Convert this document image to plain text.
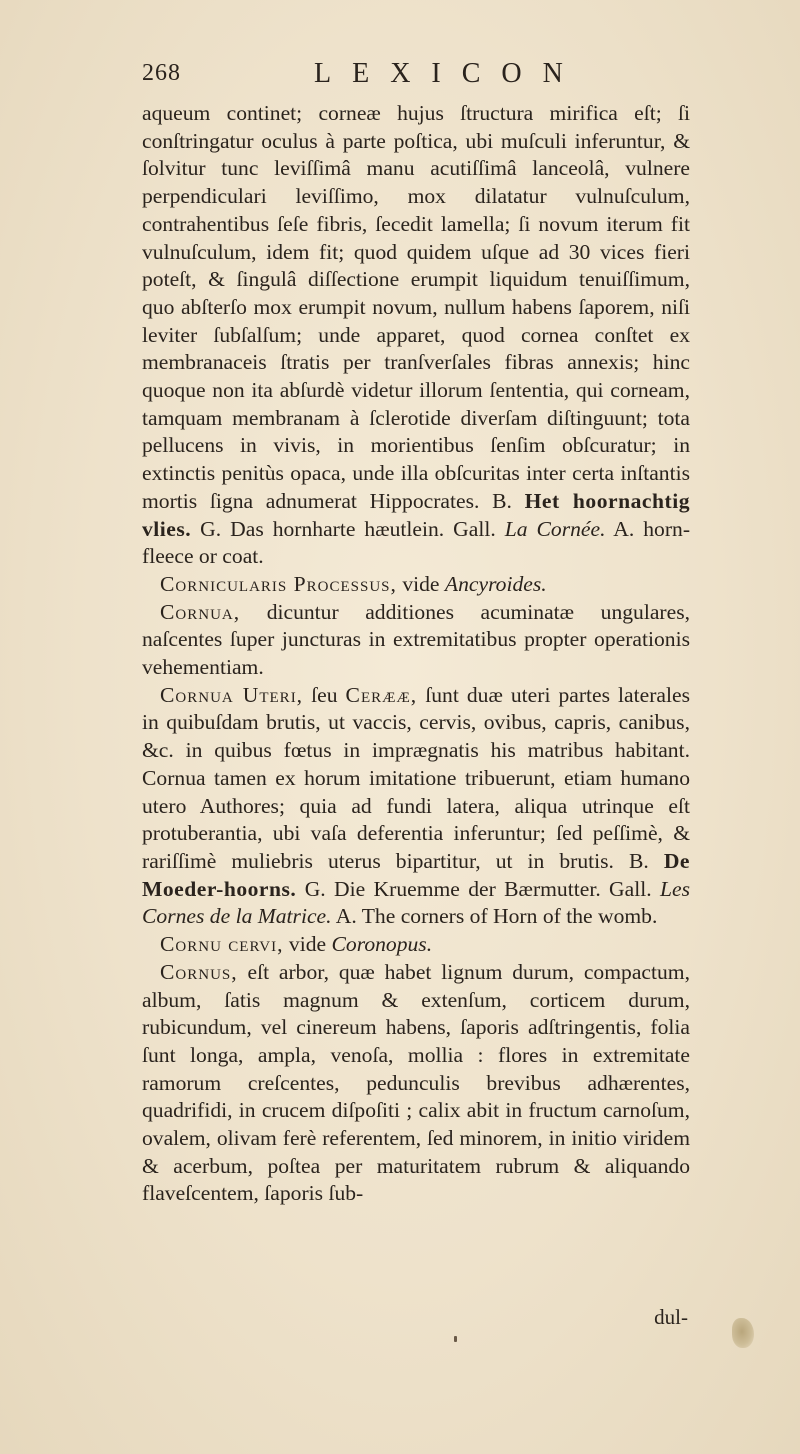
268	LEXICON

aqueum continet; corneæ hujus ſtructura mirifica eſt; ſi conſtringatur oculus à parte poſtica, ubi muſculi inferuntur, & ſolvitur tunc leviſſimâ manu acutiſſimâ lanceolâ, vulnere perpendiculari leviſſimo, mox dilatatur vulnuſculum, contrahentibus ſeſe fibris, ſecedit lamella; ſi novum iterum fit vulnuſculum, idem fit; quod quidem uſque ad 30 vices fieri poteſt, & ſingulâ diſſectione erumpit liquidum tenuiſſimum, quo abſterſo mox erumpit novum, nullum habens ſaporem, niſi leviter ſubſalſum; unde apparet, quod cornea conſtet ex membranaceis ſtratis per tranſverſales fibras annexis; hinc quoque non ita abſurdè videtur illorum ſententia, qui corneam, tamquam membranam à ſclerotide diverſam diſtinguunt; tota pellucens in vivis, in morientibus ſenſim obſcuratur; in extinctis penitùs opaca, unde illa obſcuritas inter certa inſtantis mortis ſigna adnumerat Hippocrates. B. Het hoornachtig vlies. G. Das hornharte hæutlein. Gall. La Cornée. A. horn-fleece or coat.

Cornicularis Processus, vide Ancyroides.

Cornua, dicuntur additiones acuminatæ ungulares, naſcentes ſuper juncturas in extremitatibus propter operationis vehementiam.

Cornua Uteri, ſeu Cerææ, ſunt duæ uteri partes laterales in quibuſdam brutis, ut vaccis, cervis, ovibus, capris, canibus, &c. in quibus fœtus in imprægnatis his matribus habitant. Cornua tamen ex horum imitatione tribuerunt, etiam humano utero Authores; quia ad fundi latera, aliqua utrinque eſt protuberantia, ubi vaſa deferentia inferuntur; ſed peſſimè, & rariſſimè muliebris uterus bipartitur, ut in brutis. B. De Moeder-hoorns. G. Die Kruemme der Bærmutter. Gall. Les Cornes de la Matrice. A. The corners of Horn of the womb.

Cornu cervi, vide Coronopus.

Cornus, eſt arbor, quæ habet lignum durum, compactum, album, ſatis magnum & extenſum, corticem durum, rubicundum, vel cinereum habens, ſaporis adſtringentis, folia ſunt longa, ampla, venoſa, mollia : flores in extremitate ramorum creſcentes, pedunculis brevibus adhærentes, quadrifidi, in crucem diſpoſiti ; calix abit in fructum carnoſum, ovalem, olivam ferè referentem, ſed minorem, in initio viridem & acerbum, poſtea per maturitatem rubrum & aliquando flaveſcentem, ſaporis ſub-

dul-
